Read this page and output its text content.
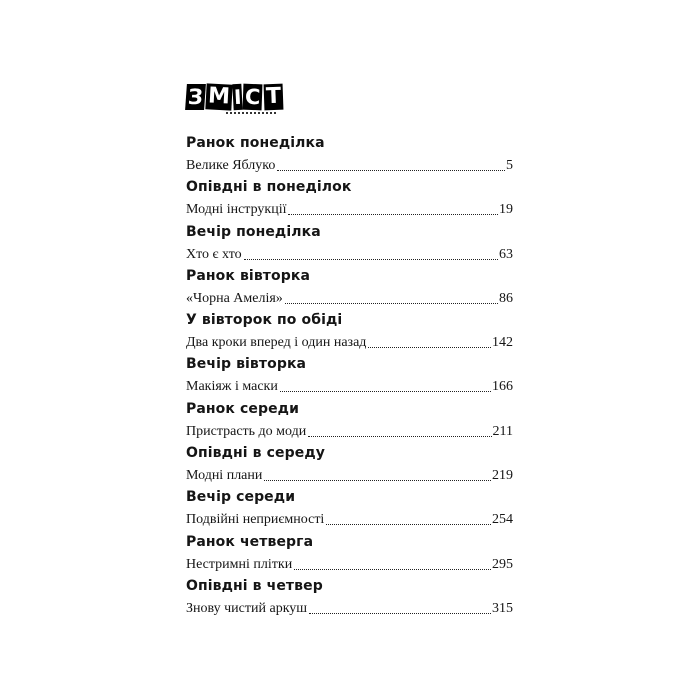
З М І С Т
Ранок понеділка
Велике Яблуко	5
Опівдні в понеділок
Модні інструкції	19
Вечір понеділка
Хто є хто	63
Ранок вівторка
«Чорна Амелія»	86
У вівторок по обіді
Два кроки вперед і один назад	142
Вечір вівторка
Макіяж і маски	166
Ранок середи
Пристрасть до моди	211
Опівдні в середу
Модні плани	219
Вечір середи
Подвійні неприємності	254
Ранок четверга
Нестримні плітки	295
Опівдні в четвер
Знову чистий аркуш	315
